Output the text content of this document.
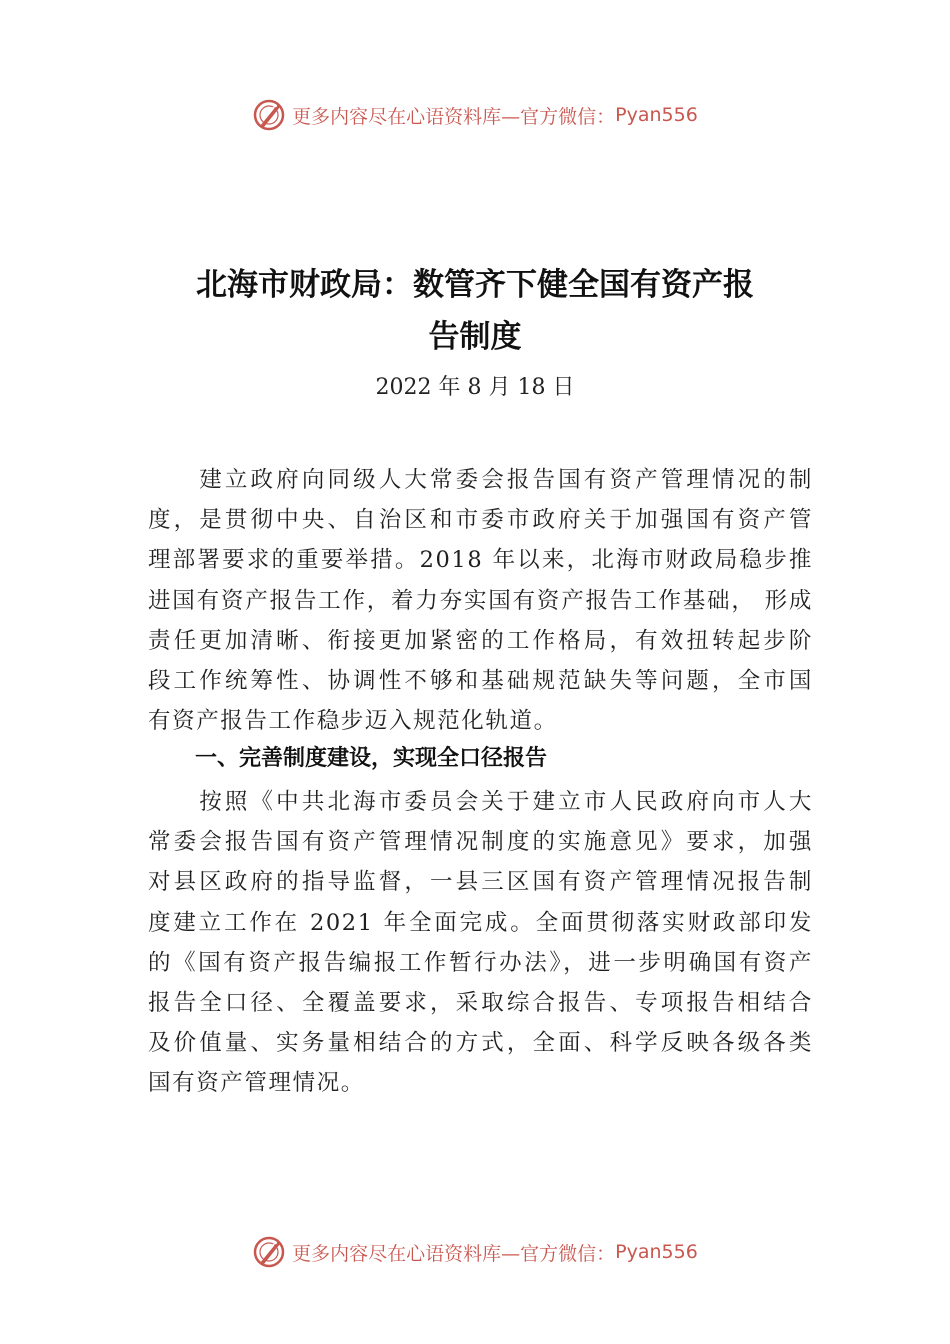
更多内容尽在心语资料库—官方微信： Pyan556
北海市财政局：数管齐下健全国有资产报
告制度
2022 年 8 月 18 日

　　建立政府向同级人大常委会报告国有资产管理情况的制
度，是贯彻中央、自治区和市委市政府关于加强国有资产管
理部署要求的重要举措。2018 年以来，北海市财政局稳步推
进国有资产报告工作，着力夯实国有资产报告工作基础， 形成
责任更加清晰、衔接更加紧密的工作格局，有效扭转起步阶
段工作统筹性、协调性不够和基础规范缺失等问题，全市国
有资产报告工作稳步迈入规范化轨道。

一、完善制度建设，实现全口径报告

　　按照《中共北海市委员会关于建立市人民政府向市人大
常委会报告国有资产管理情况制度的实施意见》要求，加强
对县区政府的指导监督，一县三区国有资产管理情况报告制
度建立工作在 2021 年全面完成。全面贯彻落实财政部印发
的《国有资产报告编报工作暂行办法》，进一步明确国有资产
报告全口径、全覆盖要求，采取综合报告、专项报告相结合
及价值量、实务量相结合的方式，全面、科学反映各级各类
国有资产管理情况。

更多内容尽在心语资料库—官方微信： Pyan556
